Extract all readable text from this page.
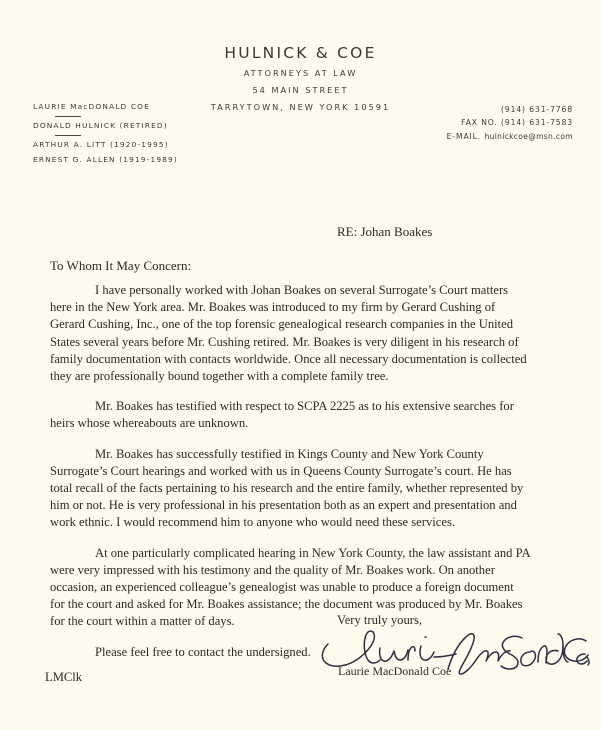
HULNICK & COE
ATTORNEYS AT LAW
54 MAIN STREET
TARRYTOWN, NEW YORK 10591
LAURIE MacDONALD COE
DONALD HULNICK (RETIRED)
ARTHUR A. LITT (1920-1995)
ERNEST G. ALLEN (1919-1989)
(914) 631-7768
FAX NO. (914) 631-7583
E-MAIL. hulnickcoe@msn.com
RE: Johan Boakes
To Whom It May Concern:

I have personally worked with Johan Boakes on several Surrogate’s Court matters here in the New York area. Mr. Boakes was introduced to my firm by Gerard Cushing of Gerard Cushing, Inc., one of the top forensic genealogical research companies in the United States several years before Mr. Cushing retired. Mr. Boakes is very diligent in his research of family documentation with contacts worldwide. Once all necessary documentation is collected they are professionally bound together with a complete family tree.

Mr. Boakes has testified with respect to SCPA 2225 as to his extensive searches for heirs whose whereabouts are unknown.

Mr. Boakes has successfully testified in Kings County and New York County Surrogate’s Court hearings and worked with us in Queens County Surrogate’s court. He has total recall of the facts pertaining to his research and the entire family, whether represented by him or not. He is very professional in his presentation both as an expert and presentation and work ethnic. I would recommend him to anyone who would need these services.

At one particularly complicated hearing in New York County, the law assistant and PA were very impressed with his testimony and the quality of Mr. Boakes work. On another occasion, an experienced colleague’s genealogist was unable to produce a foreign document for the court and asked for Mr. Boakes assistance; the document was produced by Mr. Boakes for the court within a matter of days.

Please feel free to contact the undersigned.

Very truly yours,
Laurie MacDonald Coe
LMClk
